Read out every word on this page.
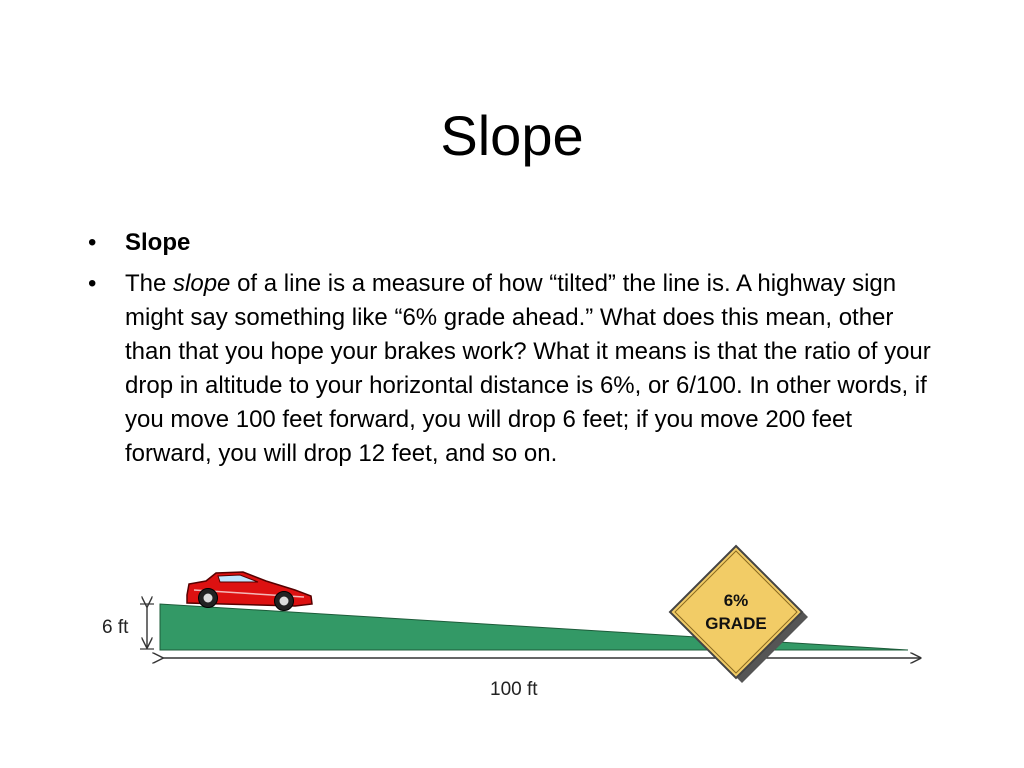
Slope
• Slope
• The slope of a line is a measure of how “tilted” the line is. A highway sign might say something like “6% grade ahead.” What does this mean, other than that you hope your brakes work? What it means is that the ratio of your drop in altitude to your horizontal distance is 6%, or 6/100. In other words, if you move 100 feet forward, you will drop 6 feet; if you move 200 feet forward, you will drop 12 feet, and so on.
6 ft
100 ft
6%
GRADE
